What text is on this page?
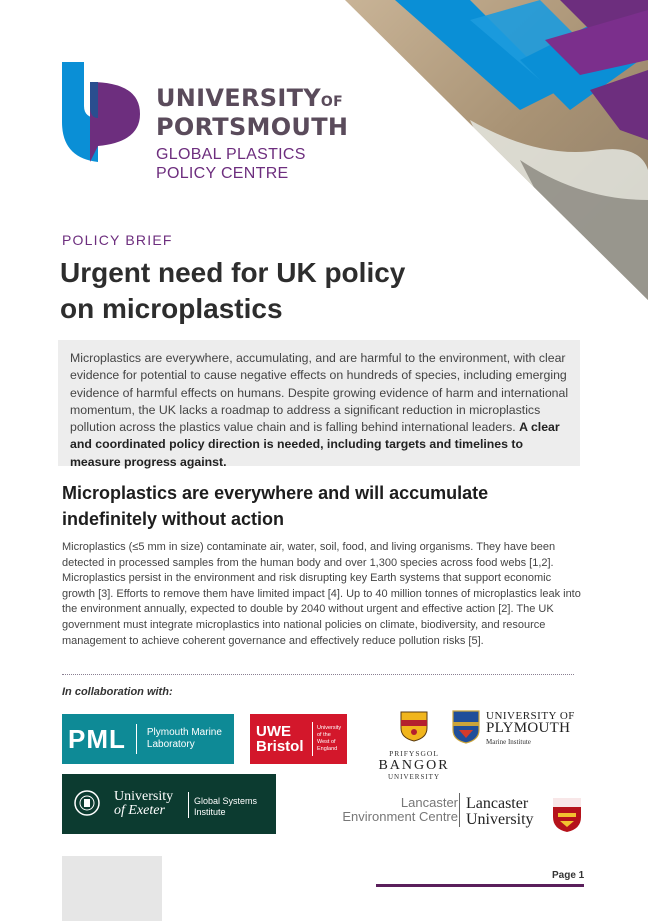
UNIVERSITYOF
PORTSMOUTH
GLOBAL PLASTICS
POLICY CENTRE
POLICY BRIEF
Urgent need for UK policy
on microplastics

Microplastics are everywhere, accumulating, and are harmful to the environment, with clear evidence for potential to cause negative effects on hundreds of species, including emerging evidence of harmful effects on humans. Despite growing evidence of harm and international momentum, the UK lacks a roadmap to address a significant reduction in microplastics pollution across the plastics value chain and is falling behind international leaders. A clear and coordinated policy direction is needed, including targets and timelines to measure progress against.

Microplastics are everywhere and will accumulate indefinitely without action

Microplastics (≤5 mm in size) contaminate air, water, soil, food, and living organisms. They have been detected in processed samples from the human body and over 1,300 species across food webs [1,2]. Microplastics persist in the environment and risk disrupting key Earth systems that support economic growth [3]. Efforts to remove them have limited impact [4]. Up to 40 million tonnes of microplastics leak into the environment annually, expected to double by 2040 without urgent and effective action [2]. The UK government must integrate microplastics into national policies on climate, biodiversity, and resource management to achieve coherent governance and effectively reduce pollution risks [5].

In collaboration with:
PML Plymouth Marine
Laboratory
UWE
Bristol
University
of the
West of
England	PRIFYSGOL
BANGOR
UNIVERSITY
UNIVERSITY OF
PLYMOUTH
Marine Institute
University
of Exeter
Global Systems
Institute
Lancaster
Environment Centre
Lancaster
University
Page 1
